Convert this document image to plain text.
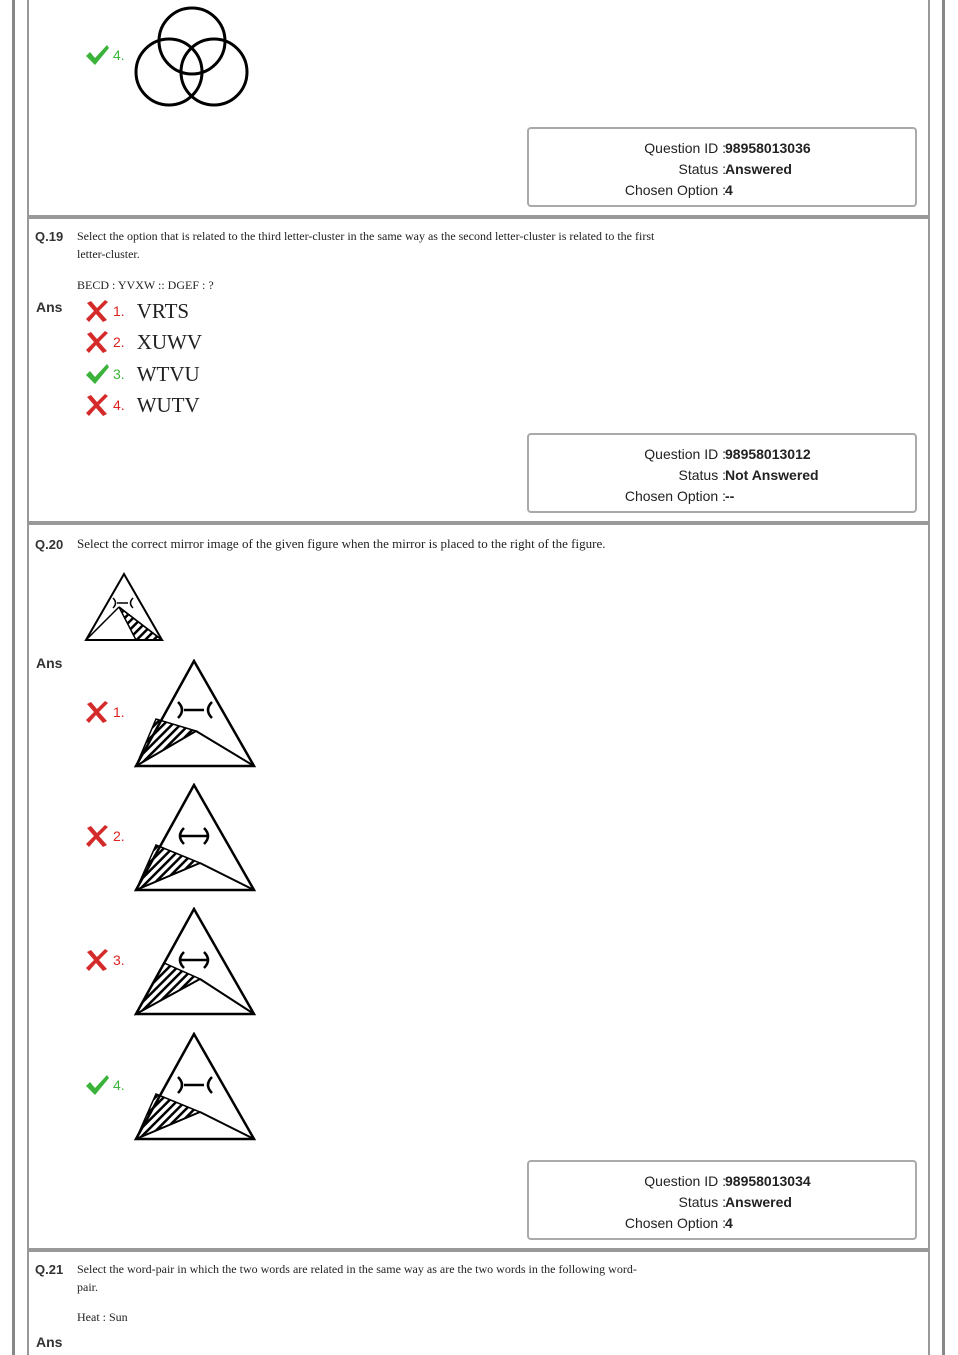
4.
Question ID : 98958013036
Status : Answered
Chosen Option : 4
Q.19 Select the option that is related to the third letter-cluster in the same way as the second letter-cluster is related to the first
letter-cluster.
BECD : YVXW :: DGEF : ?
Ans	1. VRTS
2. XUWV
3. WTVU
4. WUTV
Question ID : 98958013012
Status : Not Answered
Chosen Option : --
Q.20 Select the correct mirror image of the given figure when the mirror is placed to the right of the figure.
Ans
1.
2.
3.
4.
Question ID : 98958013034
Status : Answered
Chosen Option : 4
Q.21 Select the word-pair in which the two words are related in the same way as are the two words in the following word-
pair.
Heat : Sun
Ans
